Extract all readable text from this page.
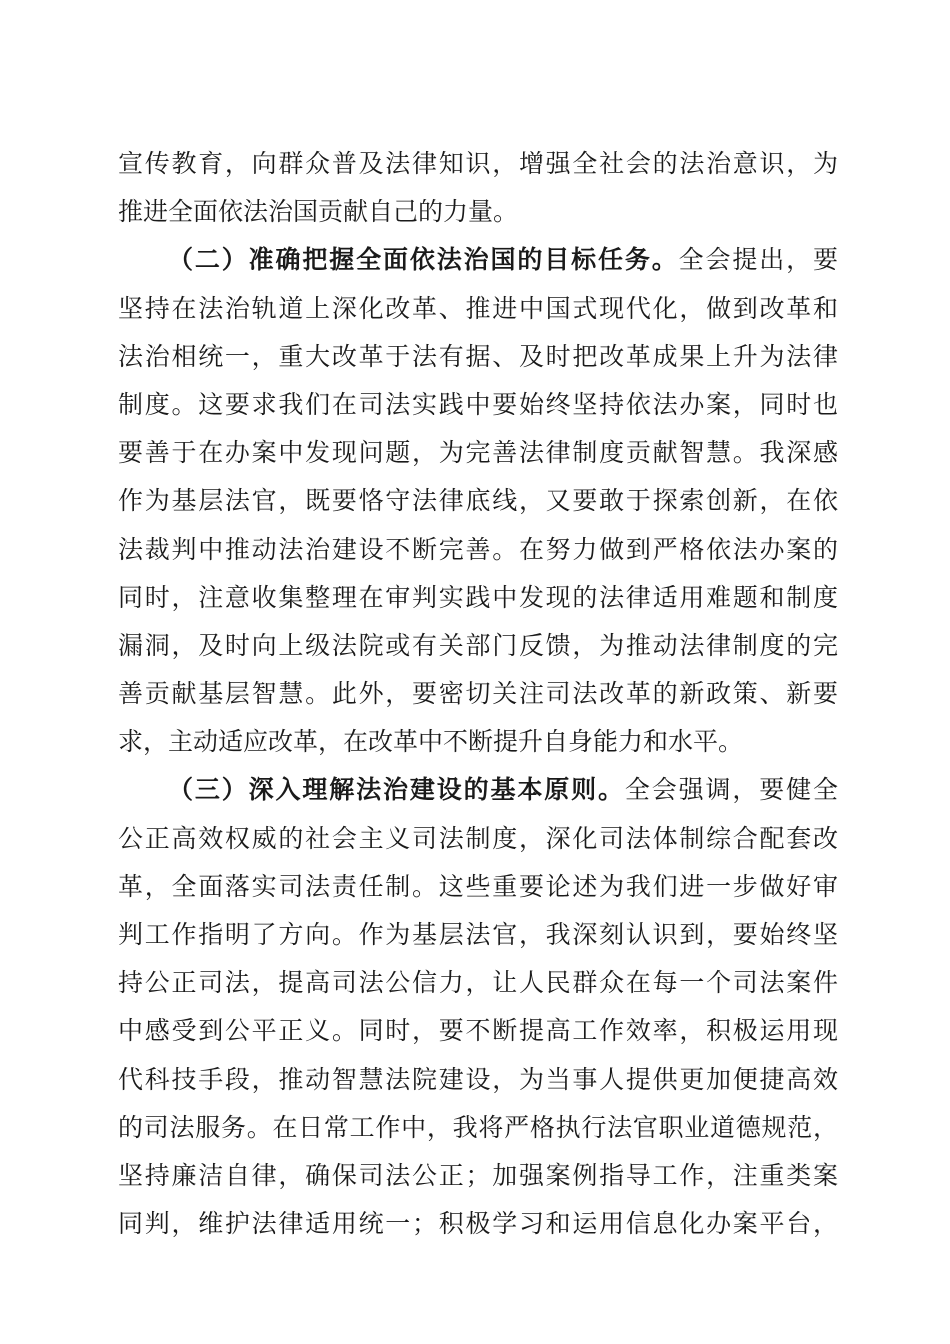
宣传教育，向群众普及法律知识，增强全社会的法治意识，为
推进全面依法治国贡献自己的力量。
（二）准确把握全面依法治国的目标任务。全会提出，要
坚持在法治轨道上深化改革、推进中国式现代化，做到改革和
法治相统一，重大改革于法有据、及时把改革成果上升为法律
制度。这要求我们在司法实践中要始终坚持依法办案，同时也
要善于在办案中发现问题，为完善法律制度贡献智慧。我深感
作为基层法官，既要恪守法律底线，又要敢于探索创新，在依
法裁判中推动法治建设不断完善。在努力做到严格依法办案的
同时，注意收集整理在审判实践中发现的法律适用难题和制度
漏洞，及时向上级法院或有关部门反馈，为推动法律制度的完
善贡献基层智慧。此外，要密切关注司法改革的新政策、新要
求，主动适应改革，在改革中不断提升自身能力和水平。
（三）深入理解法治建设的基本原则。全会强调，要健全
公正高效权威的社会主义司法制度，深化司法体制综合配套改
革，全面落实司法责任制。这些重要论述为我们进一步做好审
判工作指明了方向。作为基层法官，我深刻认识到，要始终坚
持公正司法，提高司法公信力，让人民群众在每一个司法案件
中感受到公平正义。同时，要不断提高工作效率，积极运用现
代科技手段，推动智慧法院建设，为当事人提供更加便捷高效
的司法服务。在日常工作中，我将严格执行法官职业道德规范，
坚持廉洁自律，确保司法公正；加强案例指导工作，注重类案
同判，维护法律适用统一；积极学习和运用信息化办案平台，
